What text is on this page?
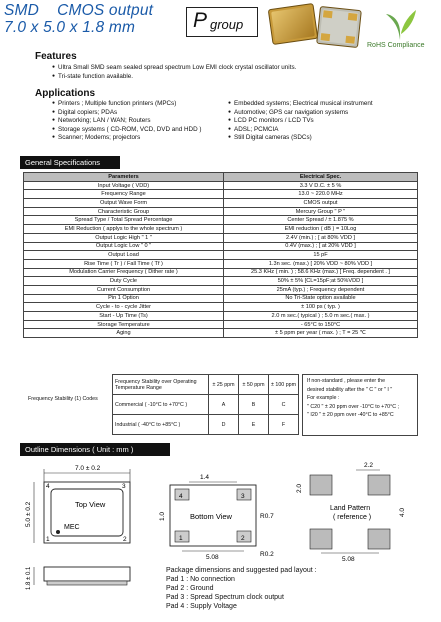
SMD    CMOS output
7.0 x 5.0 x 1.8 mm	P group
RoHS Compliance
Features
● Ultra Small SMD seam sealed spread spectrum Low EMI clock crystal oscillator units.
● Tri-state function available.
Applications
● Printers ; Multiple function printers (MPCs)
● Digital copiers; PDAs
● Networking; LAN / WAN; Routers
● Storage systems ( CD-ROM, VCD, DVD and HDD )
● Scanner; Modems; projectors
● Embedded systems; Electrical musical instrument
● Automotive; GPS car navigation systems
● LCD PC monitors / LCD TVs
● ADSL; PCMCIA
● Still Digital cameras (SDCs)
General Specifications
Parameters	Electrical Spec.
Input Voltage ( VDD)	3.3 V D.C. ± 5 %
Frequency Range	13.0 ~ 220.0 MHz
Output Wave Form	CMOS output
Characteristic Group	Mercury Group " P "
Spread Type / Total Spread Percentage	Center Spread / ± 1.875 %
EMI Reduction ( applys to the whole spectrum )	EMI reduction ( dB ) = 10Log
Output Logic High " 1 "	2.4V (min.) ; [ at 80% VDD ]
Output Logic Low " 0 "	0.4V (max.) ; [ at 20% VDD ]
Output Load	15 pF
Rise Time ( Tr ) / Fall Time ( Tf )	1.3n sec. (max.) [ 20% VDD ~ 80% VDD ]
Modulation Carrier Frequency ( Dither rate )	25.3 KHz ( min. ) ; 58.6 KHz (max.) [ Freq. dependent . ]
Duty Cycle	50% ± 5% [CL=15pF;at 50%VDD ]
Current Consumption	25mA (typ.) ; Frequency dependent
Pin 1 Option	No Tri-State option available
Cycle - to - cycle Jitter	± 100 ps ( typ. )
Start - Up Time (Ts)	2.0 m sec.( typical ) ; 5.0 m sec.( max. )
Storage Temperature	- 65°C to 150°C
Aging	± 5 ppm per year ( max. ) ; T = 25 ℃
Frequency Stability (1) Codes
Frequency Stability over Operating Temperature Range	± 25 ppm	± 50 ppm	± 100 ppm
Commercial ( -10°C to +70°C )	A	B	C
Industrial ( -40°C to +85°C )	D	E	F
If non-standard , please enter the
desired stability after the " C " or " I "
For example :
" C20 " ± 20 ppm over -10°C to +70°C ;
" I20 " ± 20 ppm over -40°C to +85°C
Outline Dimensions ( Unit : mm )
7.0 ± 0.2
Top View
MEC
4	3
1	2
5.0 ± 0.2
1.8 ± 0.1
4	3
1	2
Bottom View
1.4
1.0	R0.7
R0.2
5.08
2.2
2.0
4.0
Land Pattern
( reference )
5.08
Package dimensions and suggested pad layout :
Pad 1 : No connection
Pad 2 : Ground
Pad 3 : Spread Spectrum clock output
Pad 4 : Supply Voltage
